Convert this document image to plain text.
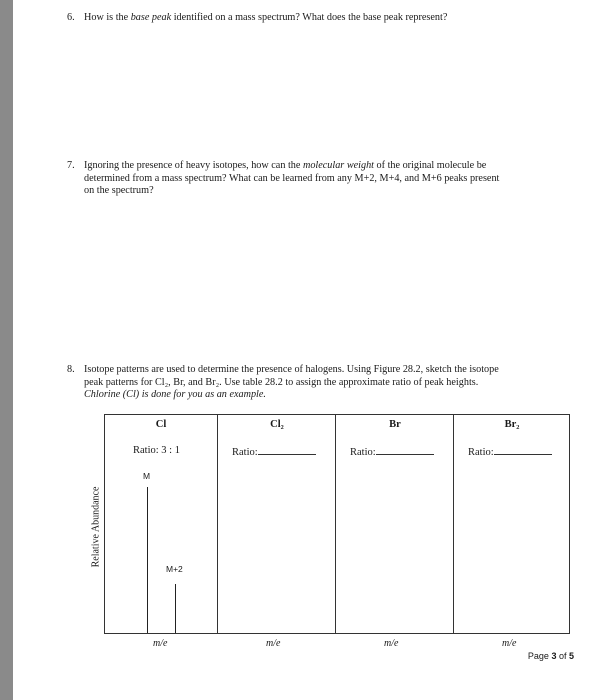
6. How is the base peak identified on a mass spectrum? What does the base peak represent?
7. Ignoring the presence of heavy isotopes, how can the molecular weight of the original molecule be
determined from a mass spectrum? What can be learned from any M+2, M+4, and M+6 peaks present
on the spectrum?
8. Isotope patterns are used to determine the presence of halogens. Using Figure 28.2, sketch the isotope
peak patterns for Cl₂, Br, and Br₂. Use table 28.2 to assign the approximate ratio of peak heights.
Chlorine (Cl) is done for you as an example.
Relative Abundance
Cl
Ratio: 3 : 1
M
M+2
Cl₂
Ratio:
Br
Ratio:
Br₂
Ratio:
m/e	m/e	m/e	m/e
Page 3 of 5
